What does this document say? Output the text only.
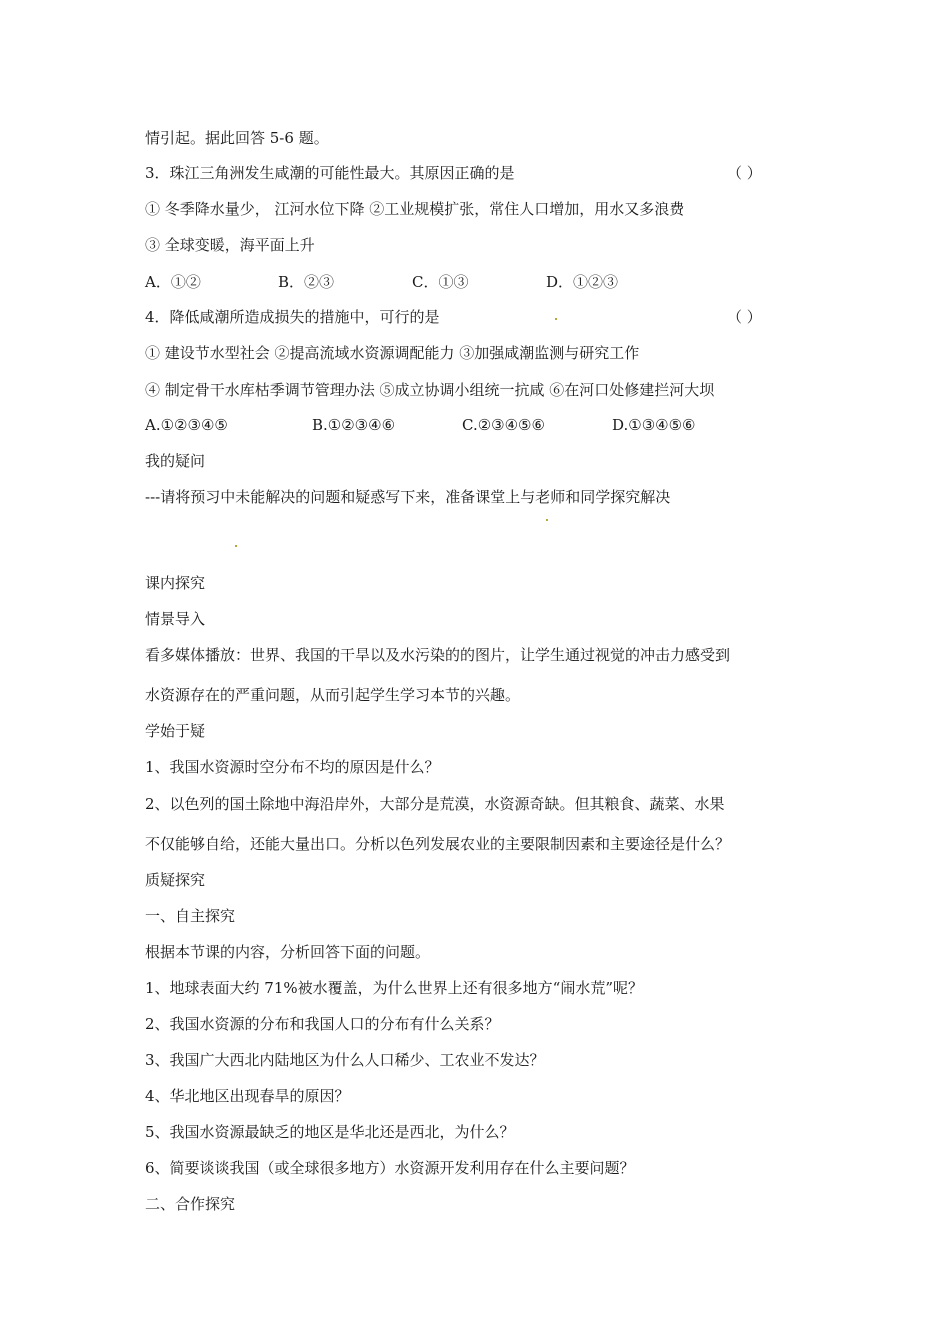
情引起。据此回答 5-6 题。
3．珠江三角洲发生咸潮的可能性最大。其原因正确的是	（ ）
① 冬季降水量少， 江河水位下降 ②工业规模扩张，常住人口增加，用水又多浪费
③ 全球变暖，海平面上升
A．①②	B．②③	C．①③	D．①②③
4．降低咸潮所造成损失的措施中，可行的是	（ ）
① 建设节水型社会 ②提高流域水资源调配能力 ③加强咸潮监测与研究工作
④ 制定骨干水库枯季调节管理办法 ⑤成立协调小组统一抗咸 ⑥在河口处修建拦河大坝
A.①②③④⑤	B.①②③④⑥	C.②③④⑤⑥	D.①③④⑤⑥
我的疑问
---请将预习中未能解决的问题和疑惑写下来，准备课堂上与老师和同学探究解决
课内探究
情景导入
看多媒体播放：世界、我国的干旱以及水污染的的图片，让学生通过视觉的冲击力感受到
水资源存在的严重问题，从而引起学生学习本节的兴趣。
学始于疑
1、我国水资源时空分布不均的原因是什么？
2、以色列的国土除地中海沿岸外，大部分是荒漠，水资源奇缺。但其粮食、蔬菜、水果
不仅能够自给，还能大量出口。分析以色列发展农业的主要限制因素和主要途径是什么？
质疑探究
一、自主探究
根据本节课的内容，分析回答下面的问题。
1、地球表面大约 71%被水覆盖，为什么世界上还有很多地方“闹水荒”呢？
2、我国水资源的分布和我国人口的分布有什么关系？
3、我国广大西北内陆地区为什么人口稀少、工农业不发达？
4、华北地区出现春旱的原因？
5、我国水资源最缺乏的地区是华北还是西北，为什么？
6、简要谈谈我国（或全球很多地方）水资源开发利用存在什么主要问题？
二、合作探究
